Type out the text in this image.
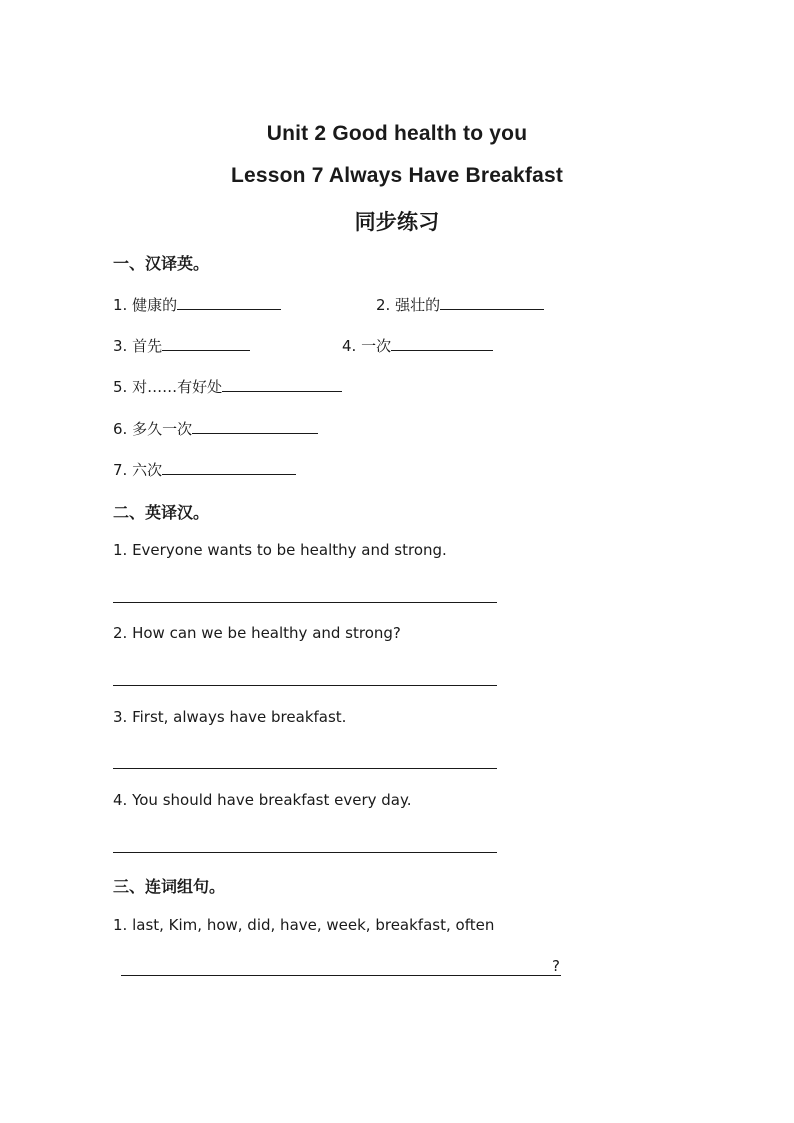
Unit 2 Good health to you
Lesson 7 Always Have Breakfast
同步练习
一、汉译英。
1. 健康的	2. 强壮的
3. 首先	4. 一次
5. 对……有好处
6. 多久一次
7. 六次
二、英译汉。
1. Everyone wants to be healthy and strong.
2. How can we be healthy and strong?
3. First, always have breakfast.
4. You should have breakfast every day.
三、连词组句。
1. last, Kim, how, did, have, week, breakfast, often
?
